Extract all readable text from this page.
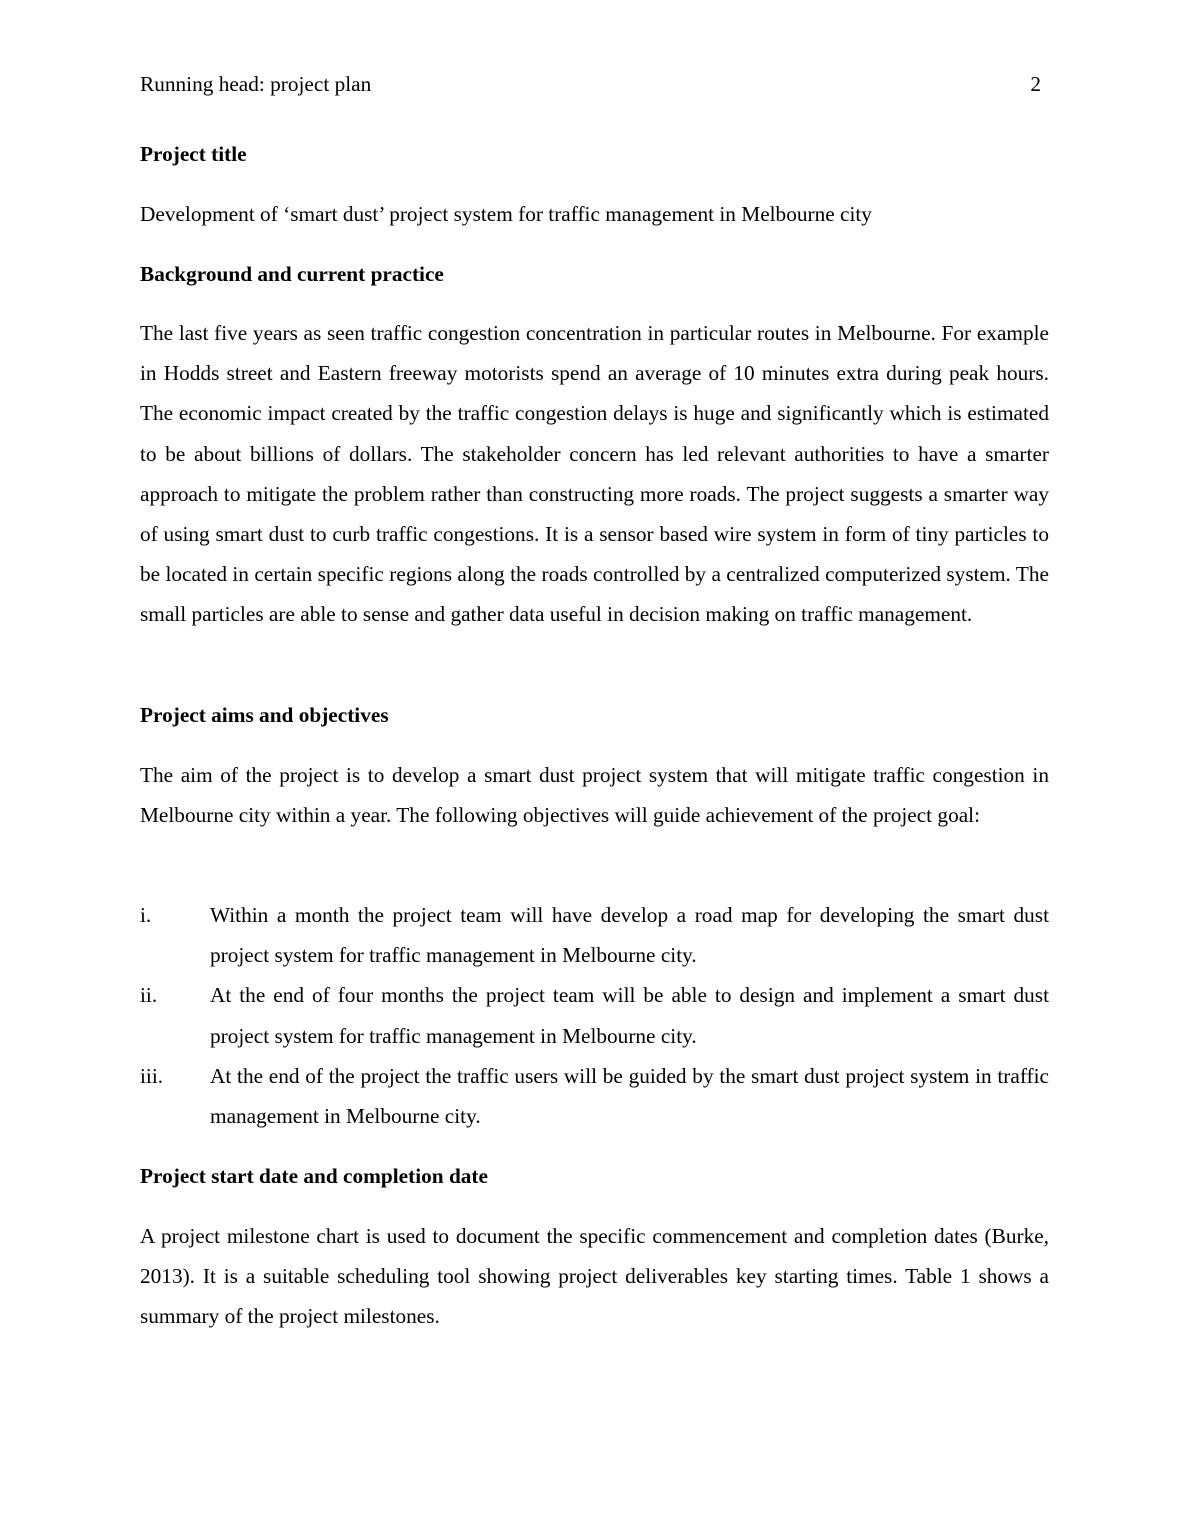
Running head: project plan	2
Project title
Development of ‘smart dust’ project system for traffic management in Melbourne city
Background and current practice
The last five years as seen traffic congestion concentration in particular routes in Melbourne. For example in Hodds street and Eastern freeway motorists spend an average of 10 minutes extra during peak hours. The economic impact created by the traffic congestion delays is huge and significantly which is estimated to be about billions of dollars. The stakeholder concern has led relevant authorities to have a smarter approach to mitigate the problem rather than constructing more roads. The project suggests a smarter way of using smart dust to curb traffic congestions. It is a sensor based wire system in form of tiny particles to be located in certain specific regions along the roads controlled by a centralized computerized system. The small particles are able to sense and gather data useful in decision making on traffic management.
Project aims and objectives
The aim of the project is to develop a smart dust project system that will mitigate traffic congestion in Melbourne city within a year. The following objectives will guide achievement of the project goal:
i.	Within a month the project team will have develop a road map for developing the smart dust project system for traffic management in Melbourne city.
ii.	At the end of four months the project team will be able to design and implement a smart dust project system for traffic management in Melbourne city.
iii.	At the end of the project the traffic users will be guided by the smart dust project system in traffic management in Melbourne city.
Project start date and completion date
A project milestone chart is used to document the specific commencement and completion dates (Burke, 2013). It is a suitable scheduling tool showing project deliverables key starting times. Table 1 shows a summary of the project milestones.
